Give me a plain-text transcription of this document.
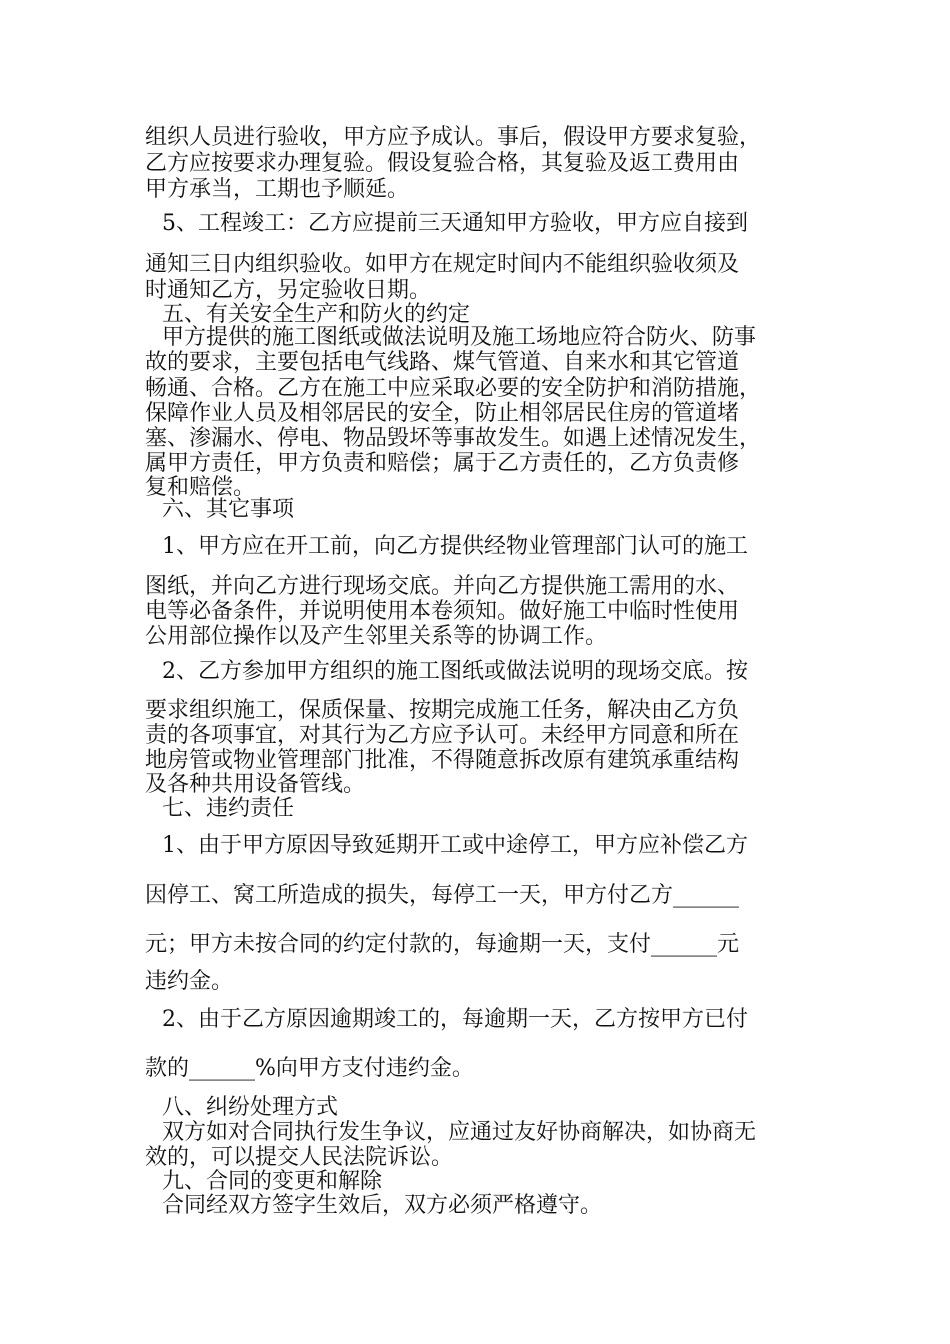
组织人员进行验收，甲方应予成认。事后，假设甲方要求复验，

乙方应按要求办理复验。假设复验合格，其复验及返工费用由

甲方承当，工期也予顺延。

5、工程竣工：乙方应提前三天通知甲方验收，甲方应自接到

通知三日内组织验收。如甲方在规定时间内不能组织验收须及

时通知乙方，另定验收日期。

五、有关安全生产和防火的约定

甲方提供的施工图纸或做法说明及施工场地应符合防火、防事

故的要求，主要包括电气线路、煤气管道、自来水和其它管道

畅通、合格。乙方在施工中应采取必要的安全防护和消防措施，

保障作业人员及相邻居民的安全，防止相邻居民住房的管道堵

塞、渗漏水、停电、物品毁坏等事故发生。如遇上述情况发生，

属甲方责任，甲方负责和赔偿；属于乙方责任的，乙方负责修

复和赔偿。

六、其它事项

1、甲方应在开工前，向乙方提供经物业管理部门认可的施工

图纸，并向乙方进行现场交底。并向乙方提供施工需用的水、

电等必备条件，并说明使用本卷须知。做好施工中临时性使用

公用部位操作以及产生邻里关系等的协调工作。

2、乙方参加甲方组织的施工图纸或做法说明的现场交底。按

要求组织施工，保质保量、按期完成施工任务，解决由乙方负

责的各项事宜，对其行为乙方应予认可。未经甲方同意和所在

地房管或物业管理部门批准，不得随意拆改原有建筑承重结构

及各种共用设备管线。

七、违约责任

1、由于甲方原因导致延期开工或中途停工，甲方应补偿乙方

因停工、窝工所造成的损失，每停工一天，甲方付乙方______

元；甲方未按合同的约定付款的，每逾期一天，支付______元

违约金。

2、由于乙方原因逾期竣工的，每逾期一天，乙方按甲方已付

款的______%向甲方支付违约金。

八、纠纷处理方式

双方如对合同执行发生争议，应通过友好协商解决，如协商无

效的，可以提交人民法院诉讼。

九、合同的变更和解除

合同经双方签字生效后，双方必须严格遵守。
